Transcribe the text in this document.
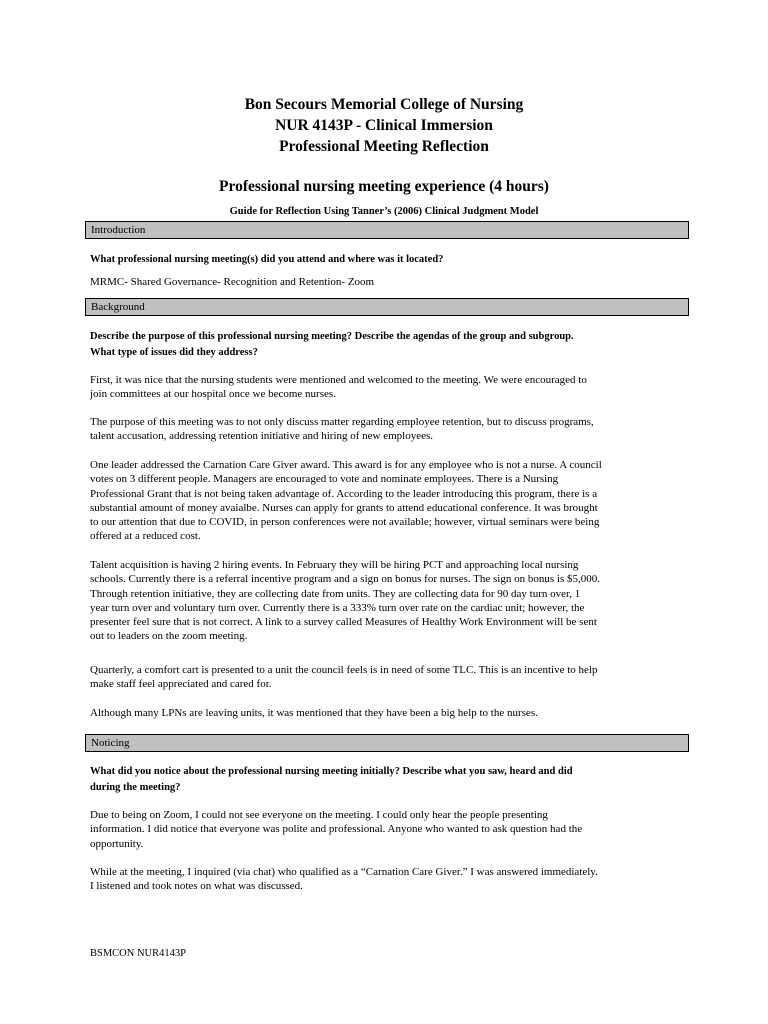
Bon Secours Memorial College of Nursing

NUR 4143P - Clinical Immersion

Professional Meeting Reflection

Professional nursing meeting experience (4 hours)
Guide for Reflection Using Tanner’s (2006) Clinical Judgment Model
Introduction
What professional nursing meeting(s) did you attend and where was it located?
MRMC- Shared Governance- Recognition and Retention- Zoom
Background
Describe the purpose of this professional nursing meeting? Describe the agendas of the group and subgroup.
What type of issues did they address?
First, it was nice that the nursing students were mentioned and welcomed to the meeting. We were encouraged to
join committees at our hospital once we become nurses.
The purpose of this meeting was to not only discuss matter regarding employee retention, but to discuss programs,
talent accusation, addressing retention initiative and hiring of new employees.
One leader addressed the Carnation Care Giver award. This award is for any employee who is not a nurse. A council
votes on 3 different people. Managers are encouraged to vote and nominate employees. There is a Nursing
Professional Grant that is not being taken advantage of. According to the leader introducing this program, there is a
substantial amount of money avaialbe. Nurses can apply for grants to attend educational conference. It was brought
to our attention that due to COVID, in person conferences were not available; however, virtual seminars were being
offered at a reduced cost.
Talent acquisition is having 2 hiring events. In February they will be hiring PCT and approaching local nursing
schools. Currently there is a referral incentive program and a sign on bonus for nurses. The sign on bonus is $5,000.
Through retention initiative, they are collecting date from units. They are collecting data for 90 day turn over, 1
year turn over and voluntary turn over. Currently there is a 333% turn over rate on the cardiac unit; however, the
presenter feel sure that is not correct. A link to a survey called Measures of Healthy Work Environment will be sent
out to leaders on the zoom meeting.
Quarterly, a comfort cart is presented to a unit the council feels is in need of some TLC. This is an incentive to help
make staff feel appreciated and cared for.
Although many LPNs are leaving units, it was mentioned that they have been a big help to the nurses.
Noticing
What did you notice about the professional nursing meeting initially? Describe what you saw, heard and did
during the meeting?
Due to being on Zoom, I could not see everyone on the meeting. I could only hear the people presenting
information. I did notice that everyone was polite and professional. Anyone who wanted to ask question had the
opportunity.
While at the meeting, I inquired (via chat) who qualified as a “Carnation Care Giver.” I was answered immediately.
I listened and took notes on what was discussed.
BSMCON NUR4143P
